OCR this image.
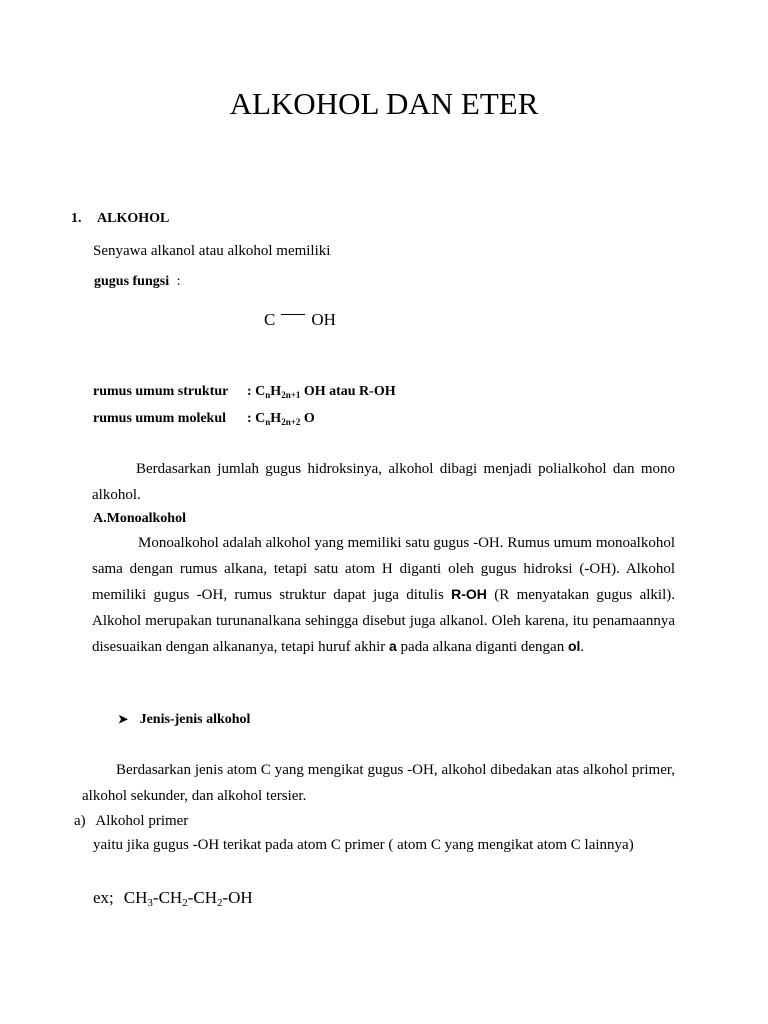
ALKOHOL DAN ETER
1. ALKOHOL
Senyawa alkanol atau alkohol memiliki
gugus fungsi :
C OH
rumus umum struktur : $C_nH_{2n+1}$ OH atau R-OH
rumus umum molekul : $C_nH_{2n+2}$ O
Berdasarkan jumlah gugus hidroksinya, alkohol dibagi menjadi polialkohol dan mono alkohol.
A.Monoalkohol
Monoalkohol adalah alkohol yang memiliki satu gugus -OH. Rumus umum monoalkohol sama dengan rumus alkana, tetapi satu atom H diganti oleh gugus hidroksi (-OH). Alkohol memiliki gugus -OH, rumus struktur dapat juga ditulis R-OH (R menyatakan gugus alkil). Alkohol merupakan turunanalkana sehingga disebut juga alkanol. Oleh karena, itu penamaannya disesuaikan dengan alkananya, tetapi huruf akhir a pada alkana diganti dengan ol.
➤ Jenis-jenis alkohol
Berdasarkan jenis atom C yang mengikat gugus -OH, alkohol dibedakan atas alkohol primer, alkohol sekunder, dan alkohol tersier.
a) Alkohol primer
yaitu jika gugus -OH terikat pada atom C primer ( atom C yang mengikat atom C lainnya)
ex; $CH_3-CH_2-CH_2-OH$
